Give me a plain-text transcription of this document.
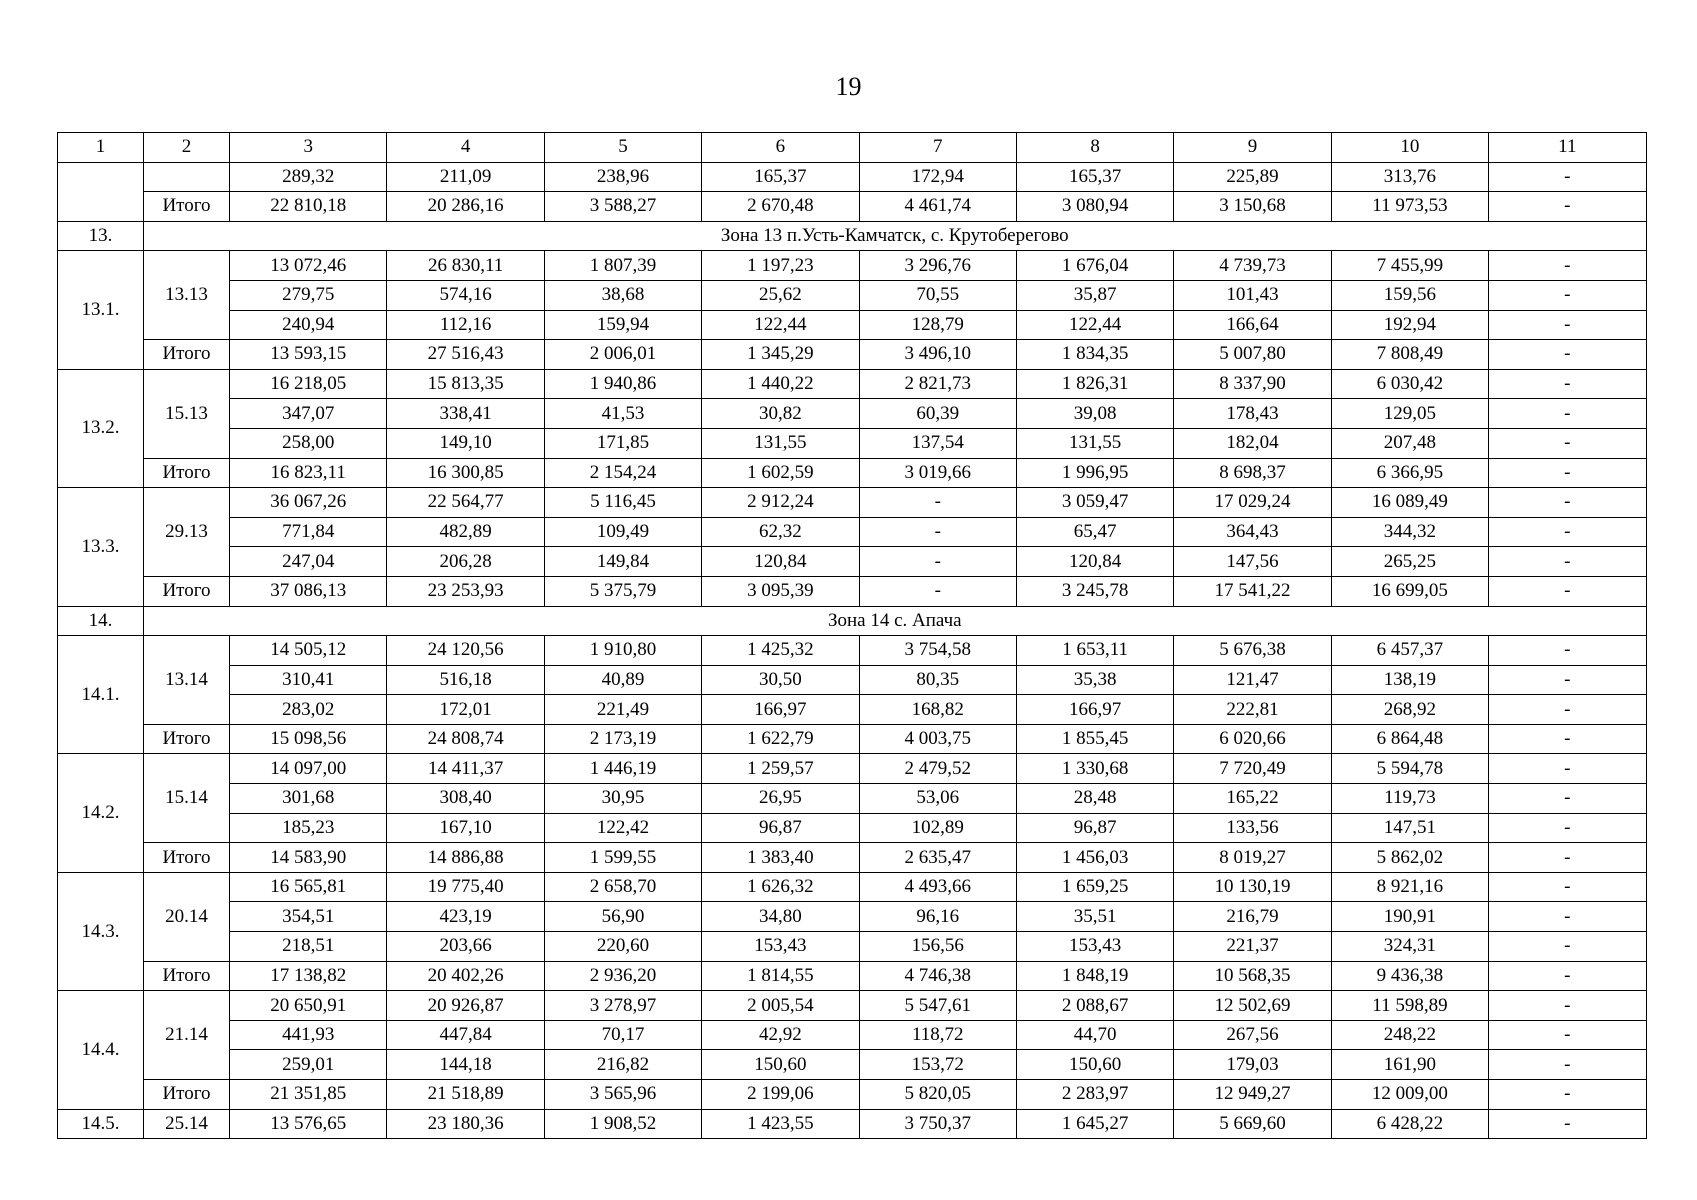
19
1	2	3	4	5	6	7	8	9	10	11
		289,32	211,09	238,96	165,37	172,94	165,37	225,89	313,76	-
	Итого	22 810,18	20 286,16	3 588,27	2 670,48	4 461,74	3 080,94	3 150,68	11 973,53	-
13.	Зона 13 п.Усть-Камчатск, с. Крутоберегово									
13.1.	13.13	13 072,46	26 830,11	1 807,39	1 197,23	3 296,76	1 676,04	4 739,73	7 455,99	-
		279,75	574,16	38,68	25,62	70,55	35,87	101,43	159,56	-
		240,94	112,16	159,94	122,44	128,79	122,44	166,64	192,94	-
	Итого	13 593,15	27 516,43	2 006,01	1 345,29	3 496,10	1 834,35	5 007,80	7 808,49	-
13.2.	15.13	16 218,05	15 813,35	1 940,86	1 440,22	2 821,73	1 826,31	8 337,90	6 030,42	-
		347,07	338,41	41,53	30,82	60,39	39,08	178,43	129,05	-
		258,00	149,10	171,85	131,55	137,54	131,55	182,04	207,48	-
	Итого	16 823,11	16 300,85	2 154,24	1 602,59	3 019,66	1 996,95	8 698,37	6 366,95	-
13.3.	29.13	36 067,26	22 564,77	5 116,45	2 912,24	-	3 059,47	17 029,24	16 089,49	-
		771,84	482,89	109,49	62,32	-	65,47	364,43	344,32	-
		247,04	206,28	149,84	120,84	-	120,84	147,56	265,25	-
	Итого	37 086,13	23 253,93	5 375,79	3 095,39	-	3 245,78	17 541,22	16 699,05	-
14.	Зона 14 с. Апача									
14.1.	13.14	14 505,12	24 120,56	1 910,80	1 425,32	3 754,58	1 653,11	5 676,38	6 457,37	-
		310,41	516,18	40,89	30,50	80,35	35,38	121,47	138,19	-
		283,02	172,01	221,49	166,97	168,82	166,97	222,81	268,92	-
	Итого	15 098,56	24 808,74	2 173,19	1 622,79	4 003,75	1 855,45	6 020,66	6 864,48	-
14.2.	15.14	14 097,00	14 411,37	1 446,19	1 259,57	2 479,52	1 330,68	7 720,49	5 594,78	-
		301,68	308,40	30,95	26,95	53,06	28,48	165,22	119,73	-
		185,23	167,10	122,42	96,87	102,89	96,87	133,56	147,51	-
	Итого	14 583,90	14 886,88	1 599,55	1 383,40	2 635,47	1 456,03	8 019,27	5 862,02	-
14.3.	20.14	16 565,81	19 775,40	2 658,70	1 626,32	4 493,66	1 659,25	10 130,19	8 921,16	-
		354,51	423,19	56,90	34,80	96,16	35,51	216,79	190,91	-
		218,51	203,66	220,60	153,43	156,56	153,43	221,37	324,31	-
	Итого	17 138,82	20 402,26	2 936,20	1 814,55	4 746,38	1 848,19	10 568,35	9 436,38	-
14.4.	21.14	20 650,91	20 926,87	3 278,97	2 005,54	5 547,61	2 088,67	12 502,69	11 598,89	-
		441,93	447,84	70,17	42,92	118,72	44,70	267,56	248,22	-
		259,01	144,18	216,82	150,60	153,72	150,60	179,03	161,90	-
	Итого	21 351,85	21 518,89	3 565,96	2 199,06	5 820,05	2 283,97	12 949,27	12 009,00	-
14.5.	25.14	13 576,65	23 180,36	1 908,52	1 423,55	3 750,37	1 645,27	5 669,60	6 428,22	-
